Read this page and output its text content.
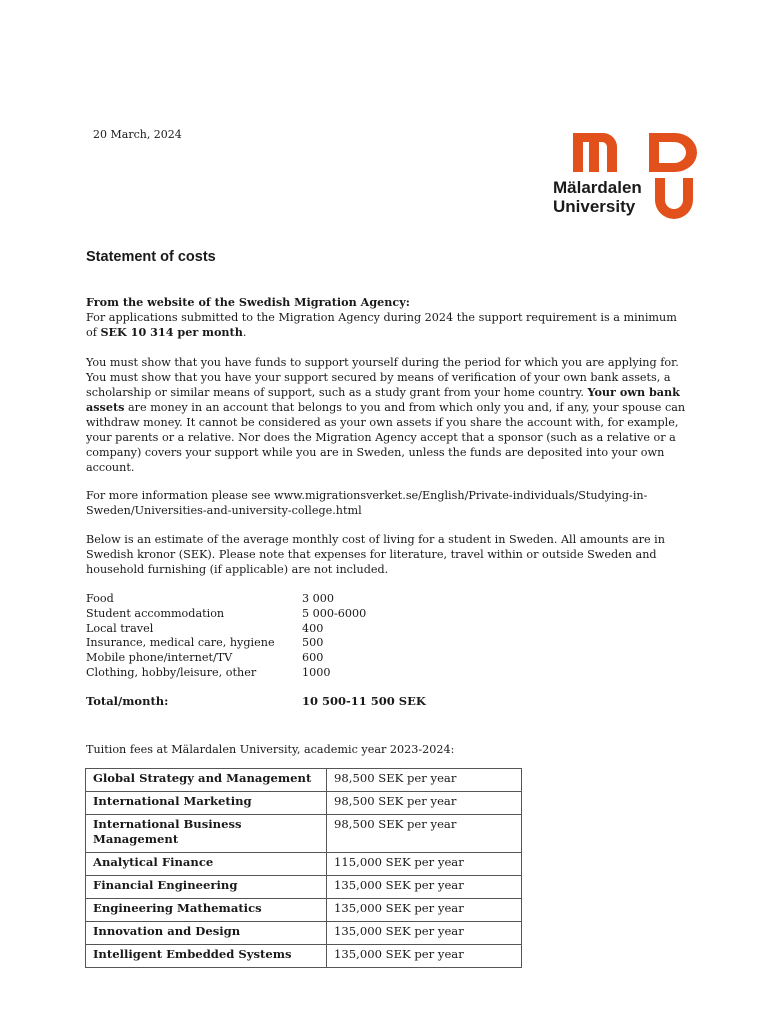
20 March, 2024
Mälardalen
University
Statement of costs
From the website of the Swedish Migration Agency:
For applications submitted to the Migration Agency during 2024 the support requirement is a minimum of SEK 10 314 per month.
You must show that you have funds to support yourself during the period for which you are applying for. You must show that you have your support secured by means of verification of your own bank assets, a scholarship or similar means of support, such as a study grant from your home country. Your own bank assets are money in an account that belongs to you and from which only you and, if any, your spouse can withdraw money. It cannot be considered as your own assets if you share the account with, for example, your parents or a relative. Nor does the Migration Agency accept that a sponsor (such as a relative or a company) covers your support while you are in Sweden, unless the funds are deposited into your own account.
For more information please see www.migrationsverket.se/English/Private-individuals/Studying-in-Sweden/Universities-and-university-college.html
Below is an estimate of the average monthly cost of living for a student in Sweden. All amounts are in Swedish kronor (SEK). Please note that expenses for literature, travel within or outside Sweden and household furnishing (if applicable) are not included.
Food	3 000
Student accommodation	5 000-6000
Local travel	400
Insurance, medical care, hygiene	500
Mobile phone/internet/TV	600
Clothing, hobby/leisure, other	1000
Total/month:	10 500-11 500 SEK
Tuition fees at Mälardalen University, academic year 2023-2024:
Global Strategy and Management	98,500 SEK per year
International Marketing	98,500 SEK per year
International Business Management	98,500 SEK per year
Analytical Finance	115,000 SEK per year
Financial Engineering	135,000 SEK per year
Engineering Mathematics	135,000 SEK per year
Innovation and Design	135,000 SEK per year
Intelligent Embedded Systems	135,000 SEK per year
